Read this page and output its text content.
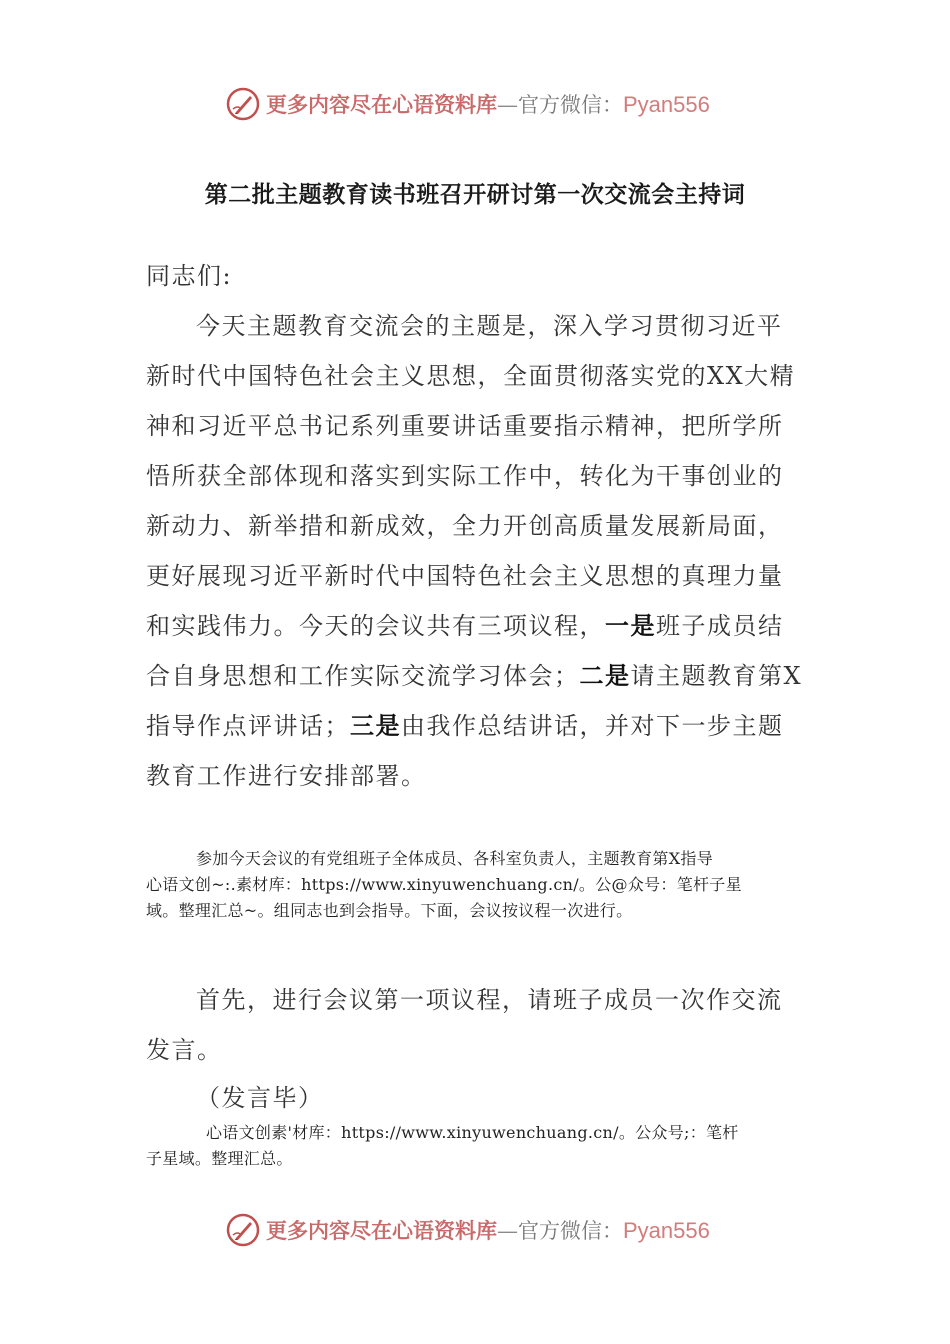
更多内容尽在心语资料库—官方微信：Pyan556
第二批主题教育读书班召开研讨第一次交流会主持词
同志们:
今天主题教育交流会的主题是，深入学习贯彻习近平
新时代中国特色社会主义思想，全面贯彻落实党的XX大精
神和习近平总书记系列重要讲话重要指示精神，把所学所
悟所获全部体现和落实到实际工作中，转化为干事创业的
新动力、新举措和新成效，全力开创高质量发展新局面，
更好展现习近平新时代中国特色社会主义思想的真理力量
和实践伟力。今天的会议共有三项议程，一是班子成员结
合自身思想和工作实际交流学习体会；二是请主题教育第X
指导作点评讲话；三是由我作总结讲话，并对下一步主题
教育工作进行安排部署。
参加今天会议的有党组班子全体成员、各科室负责人，主题教育第X指导
心语文创~:.素材库：https://www.xinyuwenchuang.cn/。公@众号：笔杆子星
域。整理汇总~。组同志也到会指导。下面，会议按议程一次进行。
首先，进行会议第一项议程，请班子成员一次作交流
发言。
（发言毕）
心语文创素'材库：https://www.xinyuwenchuang.cn/。公众号;：笔杆
子星域。整理汇总。
更多内容尽在心语资料库—官方微信：Pyan556
